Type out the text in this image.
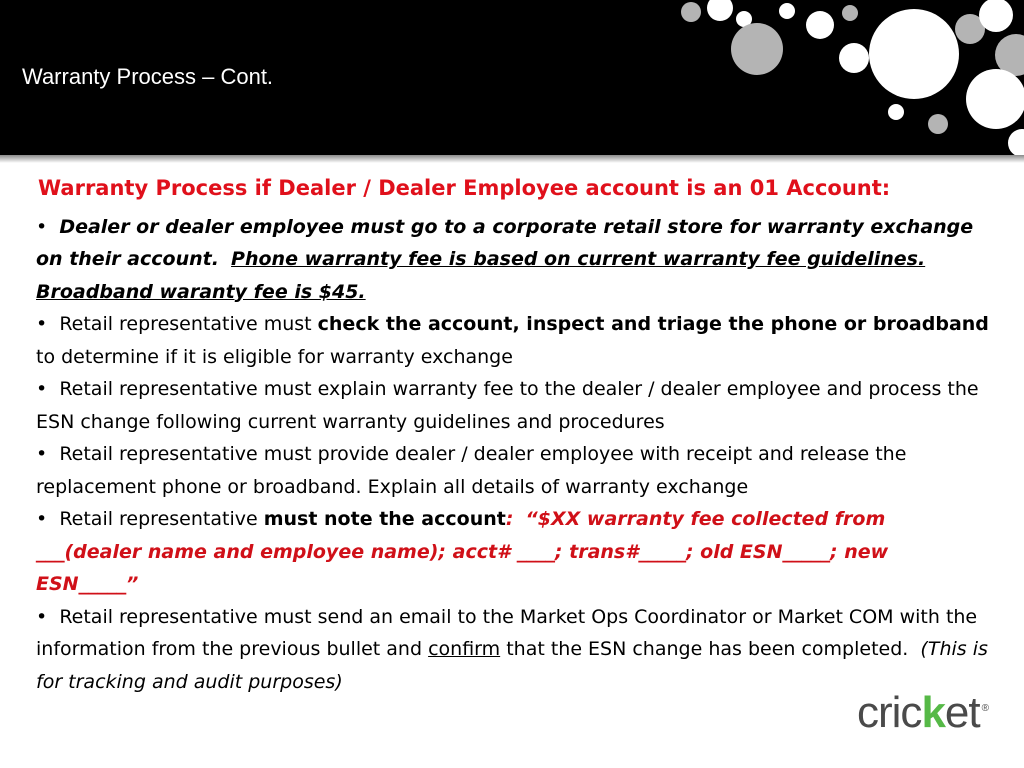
Warranty Process – Cont.
Warranty Process if Dealer / Dealer Employee account is an 01 Account:

• Dealer or dealer employee must go to a corporate retail store for warranty exchange on their account. Phone warranty fee is based on current warranty fee guidelines. Broadband waranty fee is $45.

• Retail representative must check the account, inspect and triage the phone or broadband to determine if it is eligible for warranty exchange

• Retail representative must explain warranty fee to the dealer / dealer employee and process the ESN change following current warranty guidelines and procedures

• Retail representative must provide dealer / dealer employee with receipt and release the replacement phone or broadband. Explain all details of warranty exchange

• Retail representative must note the account: “$XX warranty fee collected from ___(dealer name and employee name); acct# ____; trans#_____; old ESN_____; new ESN_____”

• Retail representative must send an email to the Market Ops Coordinator or Market COM with the information from the previous bullet and confirm that the ESN change has been completed. (This is for tracking and audit purposes)

cric k et ®
